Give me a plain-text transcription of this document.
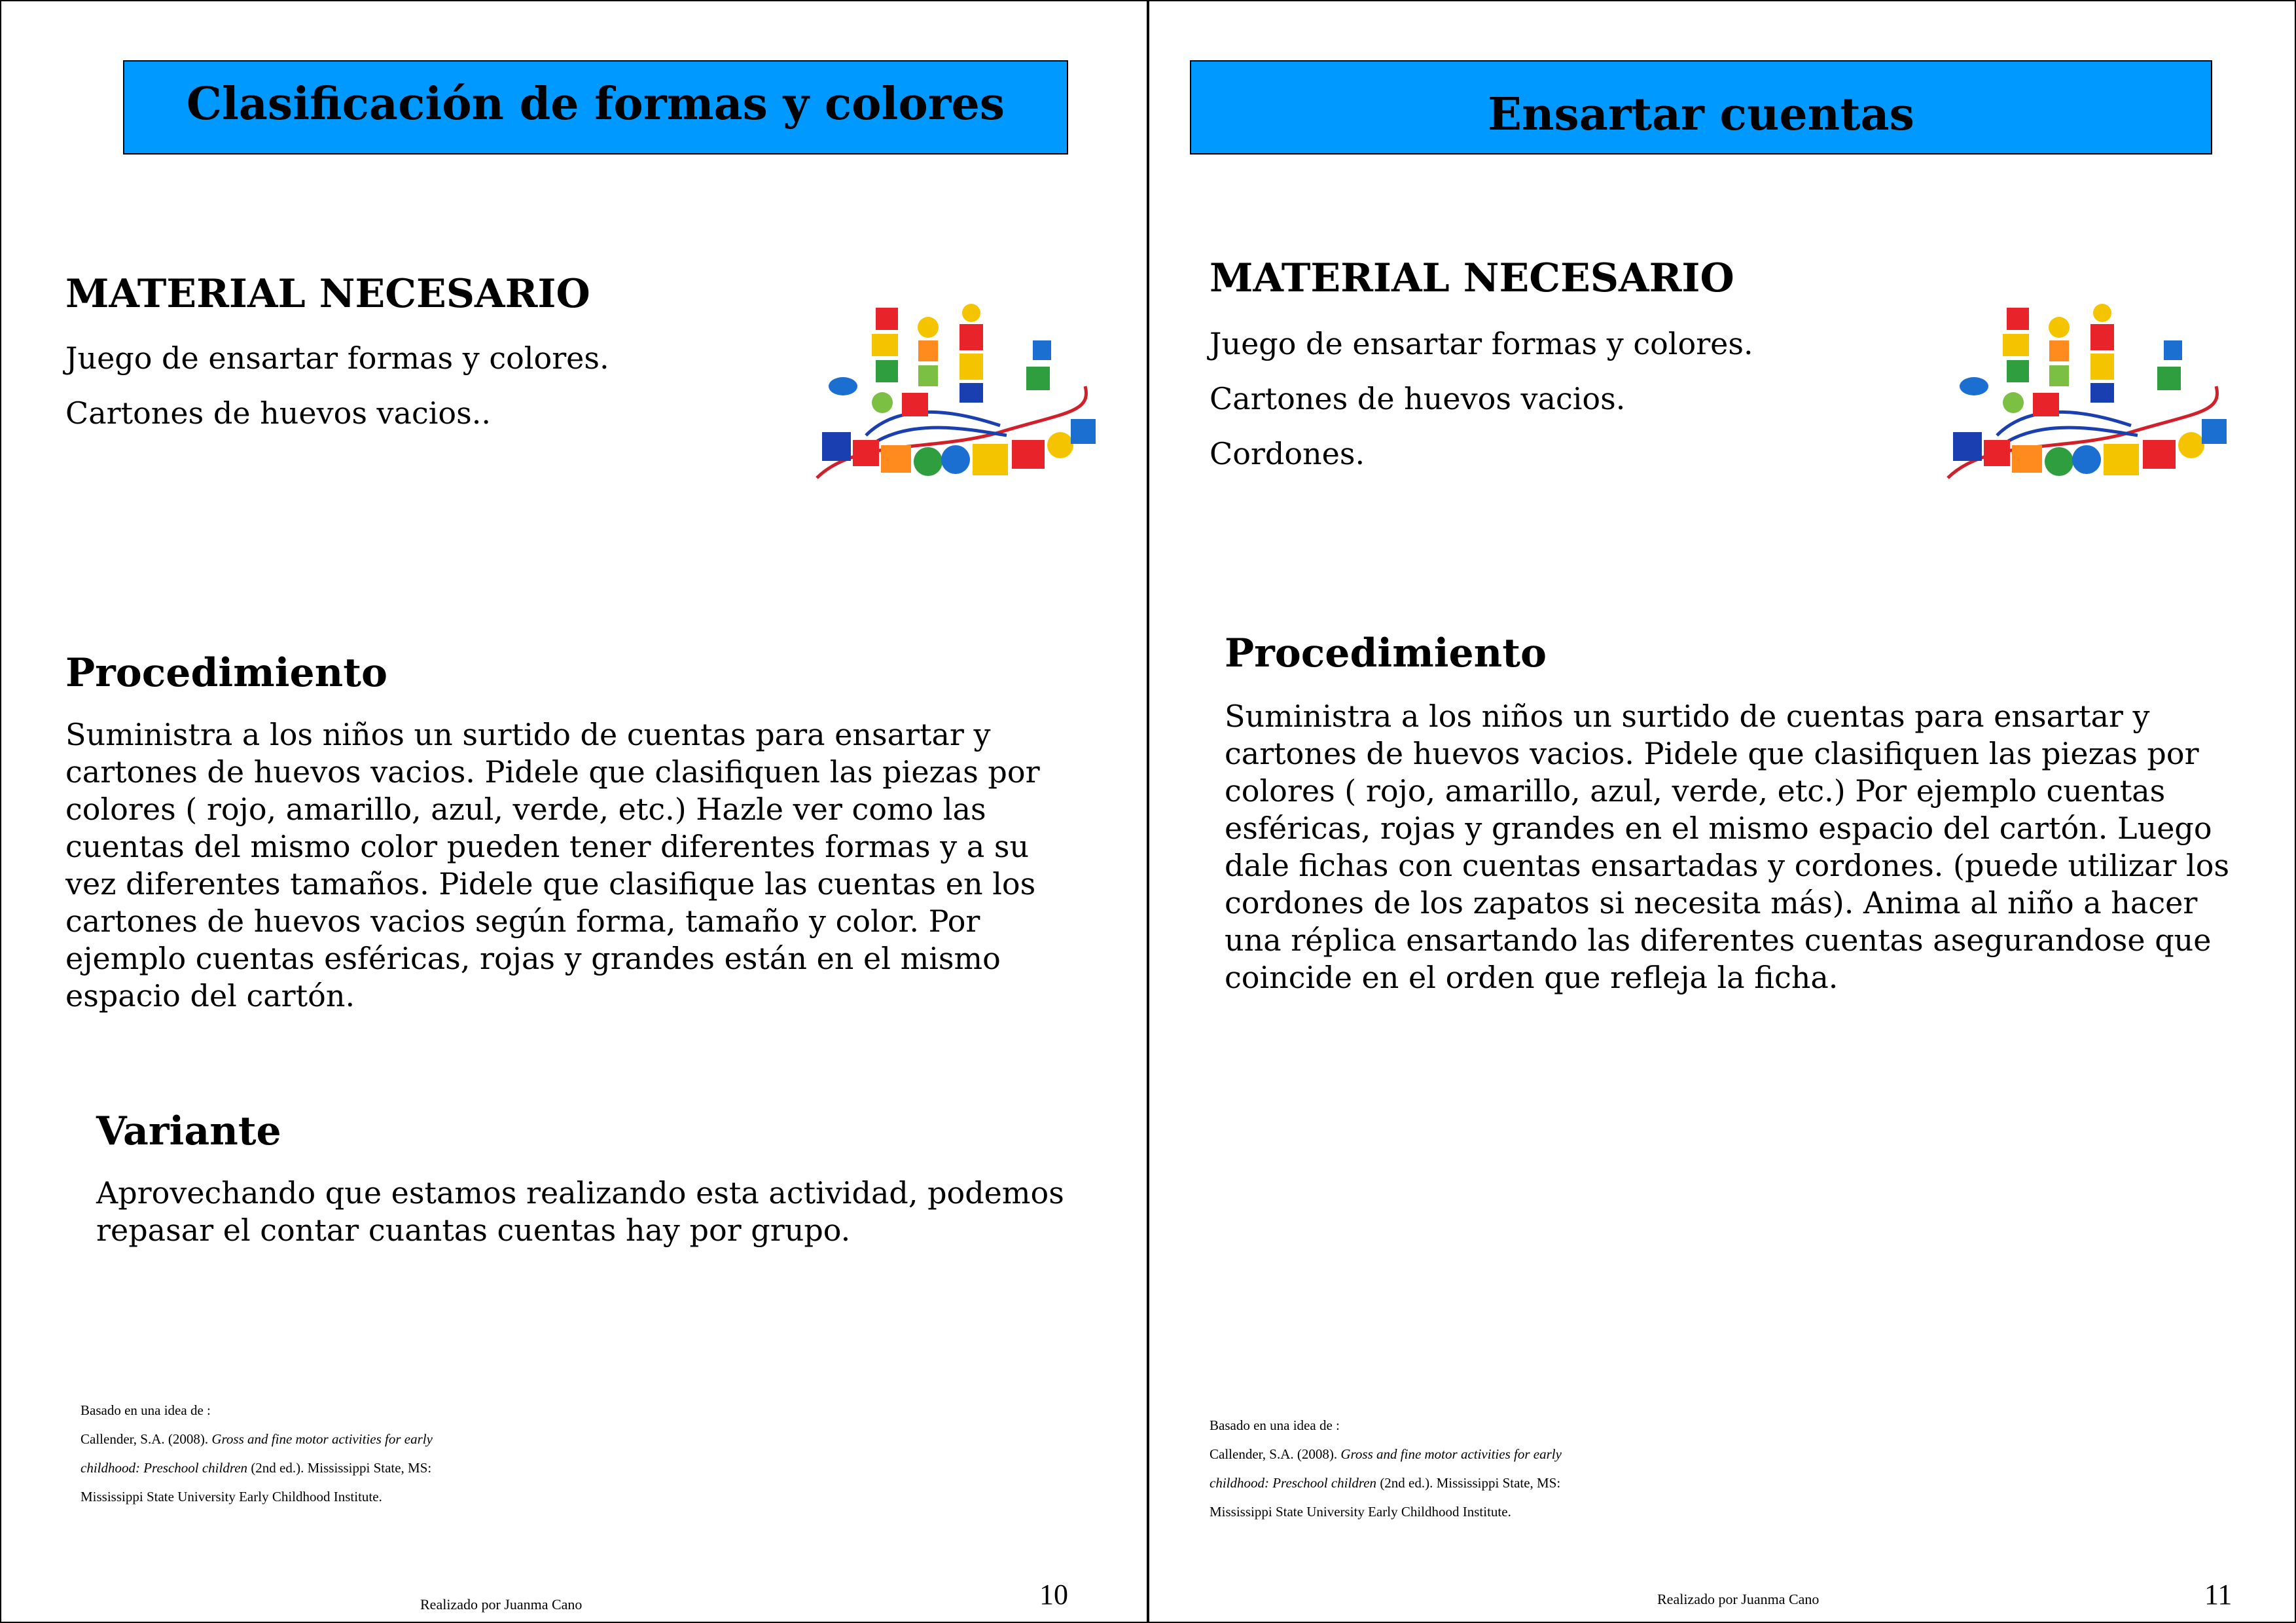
Clasificación de formas y colores
MATERIAL NECESARIO
Juego de ensartar formas y colores.
Cartones de huevos vacios..
Procedimiento
Suministra a los niños un surtido de cuentas para ensartar y
cartones de huevos vacios. Pidele que clasifiquen las piezas por
colores ( rojo, amarillo, azul, verde, etc.) Hazle ver como las
cuentas del mismo color pueden tener diferentes formas y a su
vez diferentes tamaños. Pidele que clasifique las cuentas en los
cartones de huevos vacios según forma, tamaño y color. Por
ejemplo cuentas esféricas, rojas y grandes están en el mismo
espacio del cartón.
Variante
Aprovechando que estamos realizando esta actividad, podemos
repasar el contar cuantas cuentas hay por grupo.
Basado en una idea de :
Callender, S.A. (2008). Gross and fine motor activities for early
childhood: Preschool children (2nd ed.). Mississippi State, MS:
Mississippi State University Early Childhood Institute.
Realizado por Juanma Cano	10
Ensartar cuentas
MATERIAL NECESARIO
Juego de ensartar formas y colores.
Cartones de huevos vacios.
Cordones.
Procedimiento
Suministra a los niños un surtido de cuentas para ensartar y
cartones de huevos vacios. Pidele que clasifiquen las piezas por
colores ( rojo, amarillo, azul, verde, etc.) Por ejemplo cuentas
esféricas, rojas y grandes en el mismo espacio del cartón. Luego
dale fichas con cuentas ensartadas y cordones. (puede utilizar los
cordones de los zapatos si necesita más). Anima al niño a hacer
una réplica ensartando las diferentes cuentas asegurandose que
coincide en el orden que refleja la ficha.
Basado en una idea de :
Callender, S.A. (2008). Gross and fine motor activities for early
childhood: Preschool children (2nd ed.). Mississippi State, MS:
Mississippi State University Early Childhood Institute.
Realizado por Juanma Cano	11
